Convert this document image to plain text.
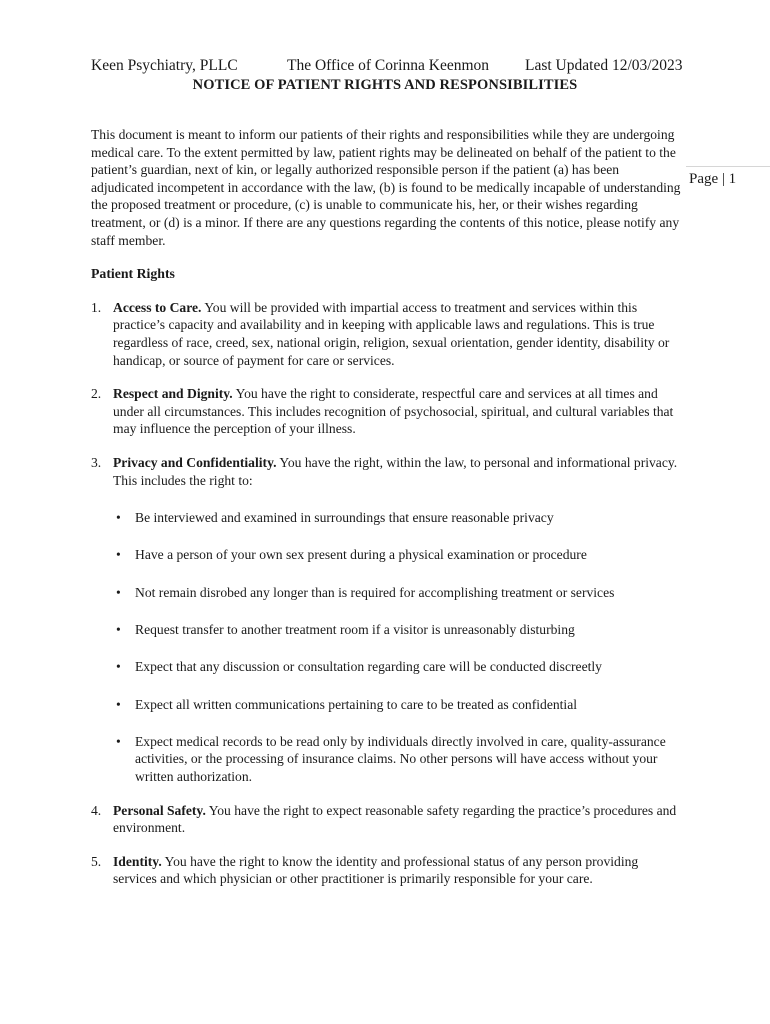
Keen Psychiatry, PLLC	The Office of Corinna Keenmon Last Updated 12/03/2023
NOTICE OF PATIENT RIGHTS AND RESPONSIBILITIES
Page | 1

This document is meant to inform our patients of their rights and responsibilities while they are undergoing medical care. To the extent permitted by law, patient rights may be delineated on behalf of the patient to the patient’s guardian, next of kin, or legally authorized responsible person if the patient (a) has been adjudicated incompetent in accordance with the law, (b) is found to be medically incapable of understanding the proposed treatment or procedure, (c) is unable to communicate his, her, or their wishes regarding treatment, or (d) is a minor. If there are any questions regarding the contents of this notice, please notify any staff member.

Patient Rights

1. Access to Care. You will be provided with impartial access to treatment and services within this practice’s capacity and availability and in keeping with applicable laws and regulations. This is true regardless of race, creed, sex, national origin, religion, sexual orientation, gender identity, disability or handicap, or source of payment for care or services.
2. Respect and Dignity. You have the right to considerate, respectful care and services at all times and under all circumstances. This includes recognition of psychosocial, spiritual, and cultural variables that may influence the perception of your illness.
3. Privacy and Confidentiality. You have the right, within the law, to personal and informational privacy. This includes the right to:
• Be interviewed and examined in surroundings that ensure reasonable privacy
• Have a person of your own sex present during a physical examination or procedure
• Not remain disrobed any longer than is required for accomplishing treatment or services
• Request transfer to another treatment room if a visitor is unreasonably disturbing
• Expect that any discussion or consultation regarding care will be conducted discreetly
• Expect all written communications pertaining to care to be treated as confidential
• Expect medical records to be read only by individuals directly involved in care, quality-assurance activities, or the processing of insurance claims. No other persons will have access without your written authorization.
4. Personal Safety. You have the right to expect reasonable safety regarding the practice’s procedures and environment.
5. Identity. You have the right to know the identity and professional status of any person providing services and which physician or other practitioner is primarily responsible for your care.
